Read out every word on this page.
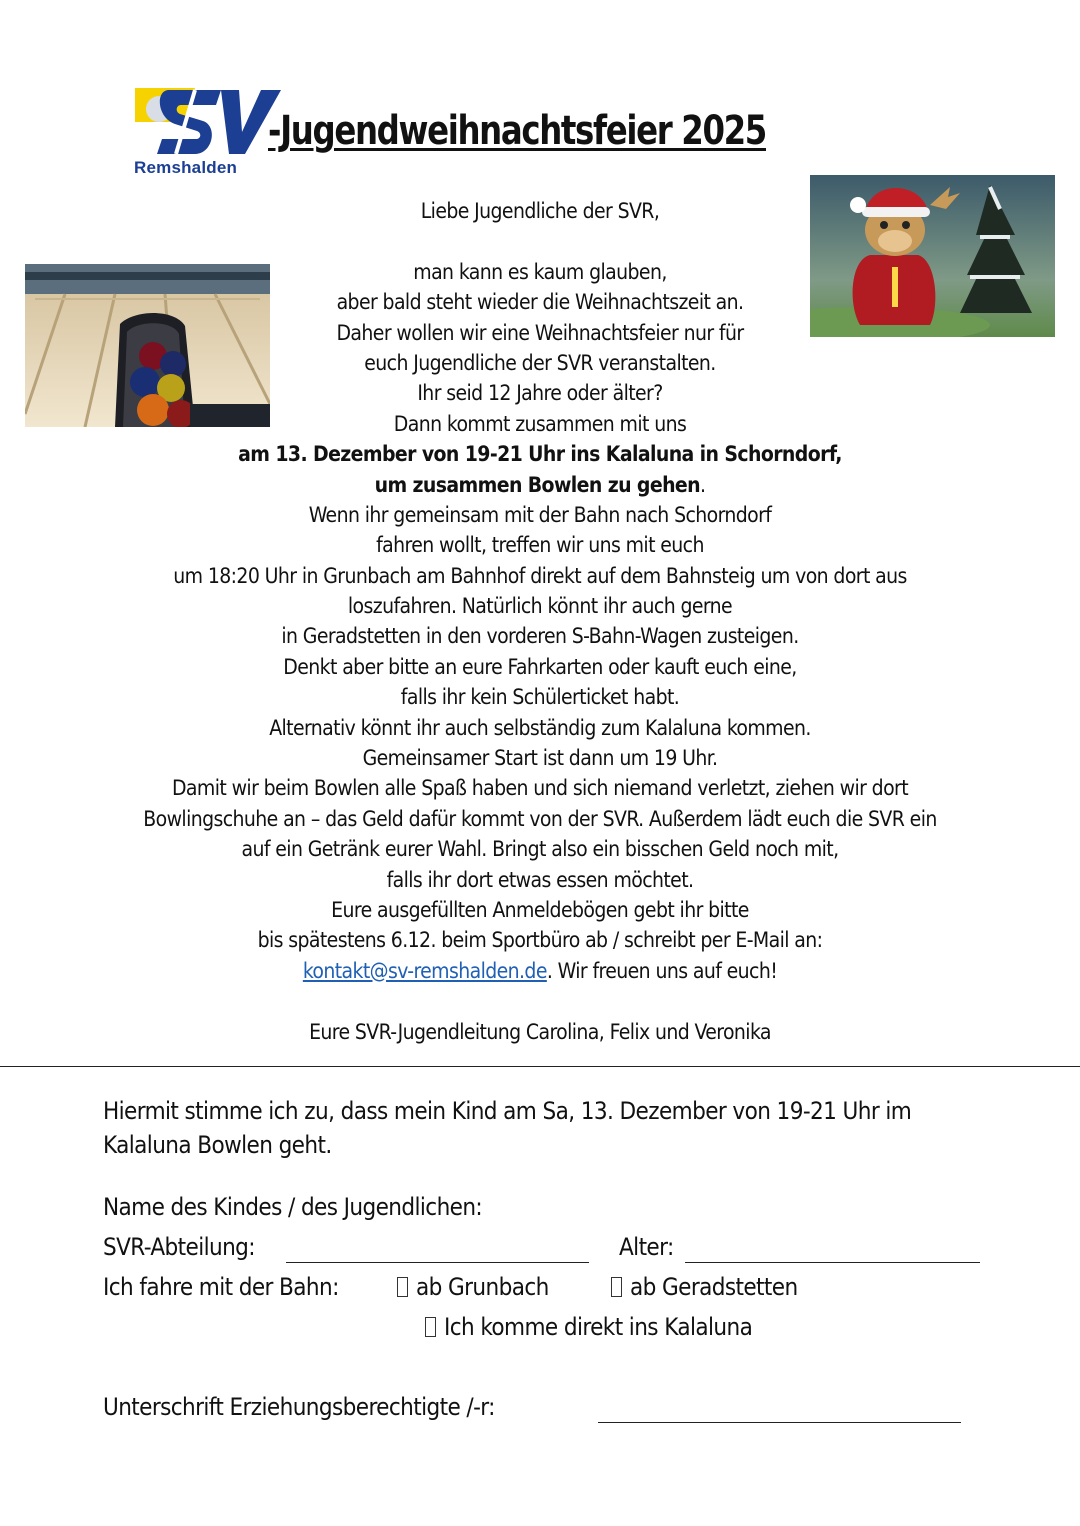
Remshalden
-Jugendweihnachtsfeier 2025
Liebe Jugendliche der SVR,
man kann es kaum glauben,
aber bald steht wieder die Weihnachtszeit an.
Daher wollen wir eine Weihnachtsfeier nur für
euch Jugendliche der SVR veranstalten.
Ihr seid 12 Jahre oder älter?
Dann kommt zusammen mit uns
am 13. Dezember von 19-21 Uhr ins Kalaluna in Schorndorf,
um zusammen Bowlen zu gehen.
Wenn ihr gemeinsam mit der Bahn nach Schorndorf
fahren wollt, treffen wir uns mit euch
um 18:20 Uhr in Grunbach am Bahnhof direkt auf dem Bahnsteig um von dort aus
loszufahren. Natürlich könnt ihr auch gerne
in Geradstetten in den vorderen S-Bahn-Wagen zusteigen.
Denkt aber bitte an eure Fahrkarten oder kauft euch eine,
falls ihr kein Schülerticket habt.
Alternativ könnt ihr auch selbständig zum Kalaluna kommen.
Gemeinsamer Start ist dann um 19 Uhr.
Damit wir beim Bowlen alle Spaß haben und sich niemand verletzt, ziehen wir dort
Bowlingschuhe an – das Geld dafür kommt von der SVR. Außerdem lädt euch die SVR ein
auf ein Getränk eurer Wahl. Bringt also ein bisschen Geld noch mit,
falls ihr dort etwas essen möchtet.
Eure ausgefüllten Anmeldebögen gebt ihr bitte
bis spätestens 6.12. beim Sportbüro ab / schreibt per E-Mail an:
kontakt@sv-remshalden.de. Wir freuen uns auf euch!
Eure SVR-Jugendleitung Carolina, Felix und Veronika
Hiermit stimme ich zu, dass mein Kind am Sa, 13. Dezember von 19-21 Uhr im
Kalaluna Bowlen geht.
Name des Kindes / des Jugendlichen:
SVR-Abteilung:	Alter:
Ich fahre mit der Bahn:	ab Grunbach	ab Geradstetten
Ich komme direkt ins Kalaluna
Unterschrift Erziehungsberechtigte /-r:
